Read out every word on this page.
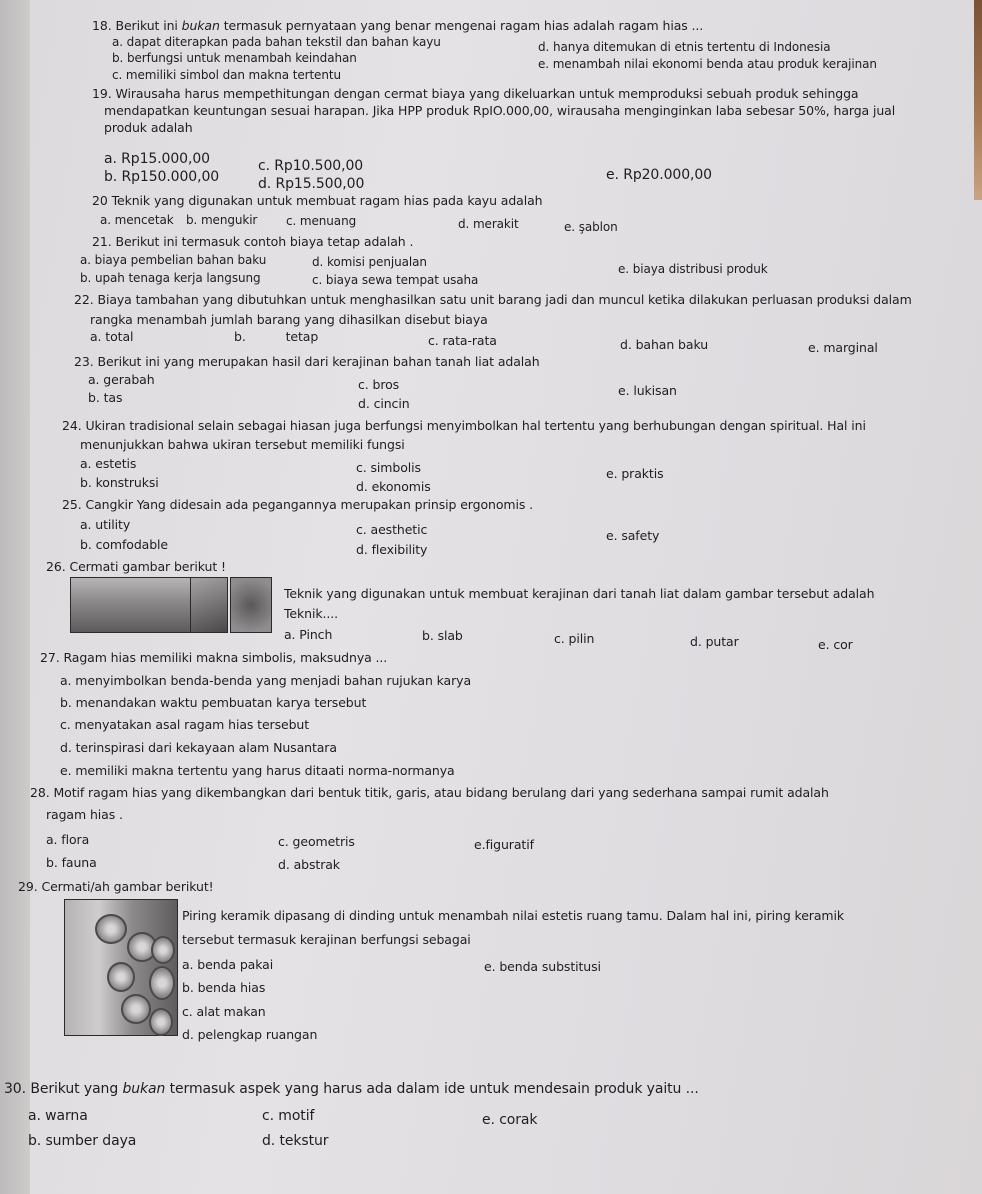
18. Berikut ini bukan termasuk pernyataan yang benar mengenai ragam hias adalah ragam hias ...
a. dapat diterapkan pada bahan tekstil dan bahan kayu
b. berfungsi untuk menambah keindahan
c. memiliki simbol dan makna tertentu
d. hanya ditemukan di etnis tertentu di Indonesia
e. menambah nilai ekonomi benda atau produk kerajinan
19. Wirausaha harus mempethitungan dengan cermat biaya yang dikeluarkan untuk memproduksi sebuah produk sehingga
mendapatkan keuntungan sesuai harapan. Jika HPP produk RpIO.000,00, wirausaha menginginkan laba sebesar 50%, harga jual
produk adalah
a. Rp15.000,00
b. Rp150.000,00
c. Rp10.500,00
d. Rp15.500,00
e. Rp20.000,00
20 Teknik yang digunakan untuk membuat ragam hias pada kayu adalah
a. mencetak b. mengukir c. menuang	d. merakit	e. şablon
21. Berikut ini termasuk contoh biaya tetap adalah .
a. biaya pembelian bahan baku
b. upah tenaga kerja langsung
d. komisi penjualan
c. biaya sewa tempat usaha
e. biaya distribusi produk
22. Biaya tambahan yang dibutuhkan untuk menghasilkan satu unit barang jadi dan muncul ketika dilakukan perluasan produksi dalam
rangka menambah jumlah barang yang dihasilkan disebut biaya
a. total	b.	tetap	c. rata-rata	d. bahan baku	e. marginal
23. Berikut ini yang merupakan hasil dari kerajinan bahan tanah liat adalah
a. gerabah
b. tas
c. bros
d. cincin
e. lukisan
24. Ukiran tradisional selain sebagai hiasan juga berfungsi menyimbolkan hal tertentu yang berhubungan dengan spiritual. Hal ini
menunjukkan bahwa ukiran tersebut memiliki fungsi
a. estetis
b. konstruksi
c. simbolis
d. ekonomis
e. praktis
25. Cangkir Yang didesain ada pegangannya merupakan prinsip ergonomis .
a. utility
b. comfodable
c. aesthetic
d. flexibility
e. safety
26. Cermati gambar berikut !
Teknik yang digunakan untuk membuat kerajinan dari tanah liat dalam gambar tersebut adalah
Teknik....
a. Pinch	b. slab	c. pilin	d. putar	e. cor
27. Ragam hias memiliki makna simbolis, maksudnya ...
a. menyimbolkan benda-benda yang menjadi bahan rujukan karya
b. menandakan waktu pembuatan karya tersebut
c. menyatakan asal ragam hias tersebut
d. terinspirasi dari kekayaan alam Nusantara
e. memiliki makna tertentu yang harus ditaati norma-normanya
28. Motif ragam hias yang dikembangkan dari bentuk titik, garis, atau bidang berulang dari yang sederhana sampai rumit adalah
ragam hias .
a. flora
b. fauna
c. geometris
d. abstrak
e.figuratif
29. Cermati/ah gambar berikut!
Piring keramik dipasang di dinding untuk menambah nilai estetis ruang tamu. Dalam hal ini, piring keramik
tersebut termasuk kerajinan berfungsi sebagai
a. benda pakai
b. benda hias
c. alat makan
d. pelengkap ruangan
e. benda substitusi
30. Berikut yang bukan termasuk aspek yang harus ada dalam ide untuk mendesain produk yaitu ...
a. warna
b. sumber daya
c. motif
d. tekstur
e. corak
